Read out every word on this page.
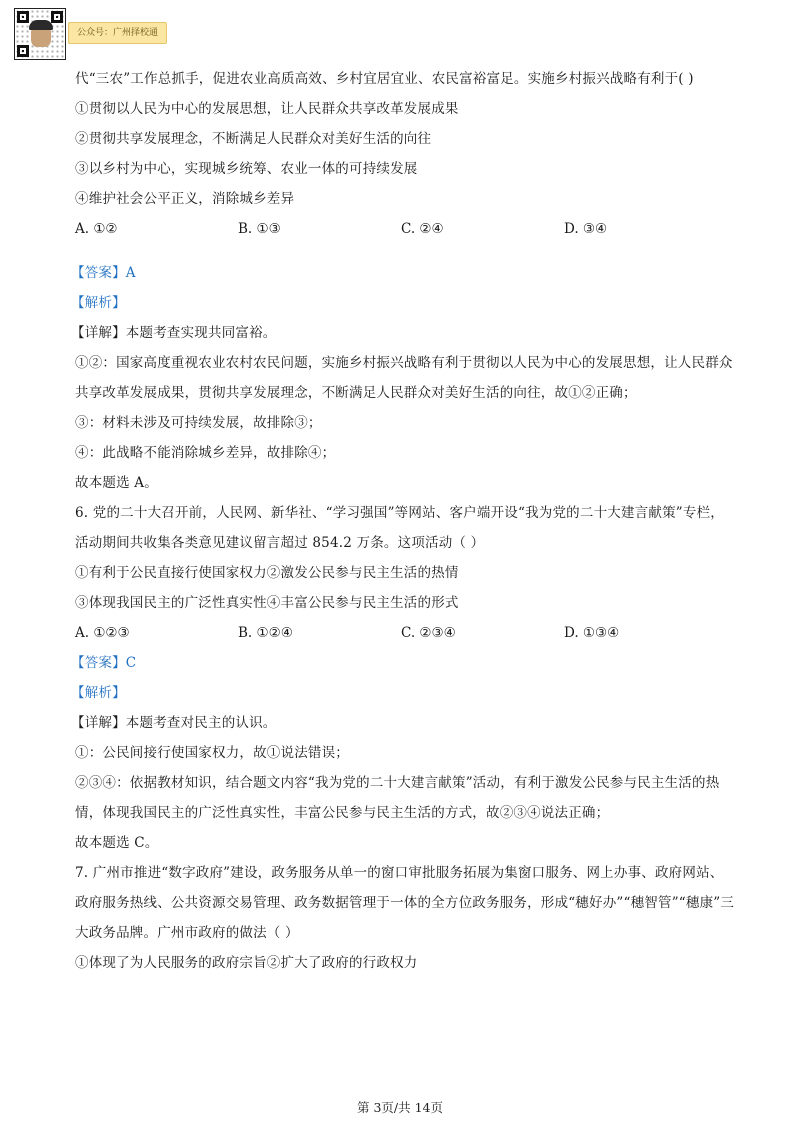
公众号：广州择校通
代“三农”工作总抓手，促进农业高质高效、乡村宜居宜业、农民富裕富足。实施乡村振兴战略有利于( )
①贯彻以人民为中心的发展思想，让人民群众共享改革发展成果
②贯彻共享发展理念，不断满足人民群众对美好生活的向往
③以乡村为中心，实现城乡统筹、农业一体的可持续发展
④维护社会公平正义，消除城乡差异
A. ①②	B. ①③	C. ②④	D. ③④
【答案】A
【解析】
【详解】本题考查实现共同富裕。
①②：国家高度重视农业农村农民问题，实施乡村振兴战略有利于贯彻以人民为中心的发展思想，让人民群众共享改革发展成果，贯彻共享发展理念，不断满足人民群众对美好生活的向往，故①②正确；
③：材料未涉及可持续发展，故排除③；
④：此战略不能消除城乡差异，故排除④；
故本题选 A。
6. 党的二十大召开前，人民网、新华社、“学习强国”等网站、客户端开设“我为党的二十大建言献策”专栏，活动期间共收集各类意见建议留言超过 854.2 万条。这项活动（ ）
①有利于公民直接行使国家权力②激发公民参与民主生活的热情
③体现我国民主的广泛性真实性④丰富公民参与民主生活的形式
A. ①②③	B. ①②④	C. ②③④	D. ①③④
【答案】C
【解析】
【详解】本题考查对民主的认识。
①：公民间接行使国家权力，故①说法错误；
②③④：依据教材知识，结合题文内容“我为党的二十大建言献策”活动，有利于激发公民参与民主生活的热情，体现我国民主的广泛性真实性，丰富公民参与民主生活的方式，故②③④说法正确；
故本题选 C。
7. 广州市推进“数字政府”建设，政务服务从单一的窗口审批服务拓展为集窗口服务、网上办事、政府网站、政府服务热线、公共资源交易管理、政务数据管理于一体的全方位政务服务，形成“穗好办”“穗智管”“穗康”三大政务品牌。广州市政府的做法（ ）
①体现了为人民服务的政府宗旨②扩大了政府的行政权力
第 3页/共 14页
